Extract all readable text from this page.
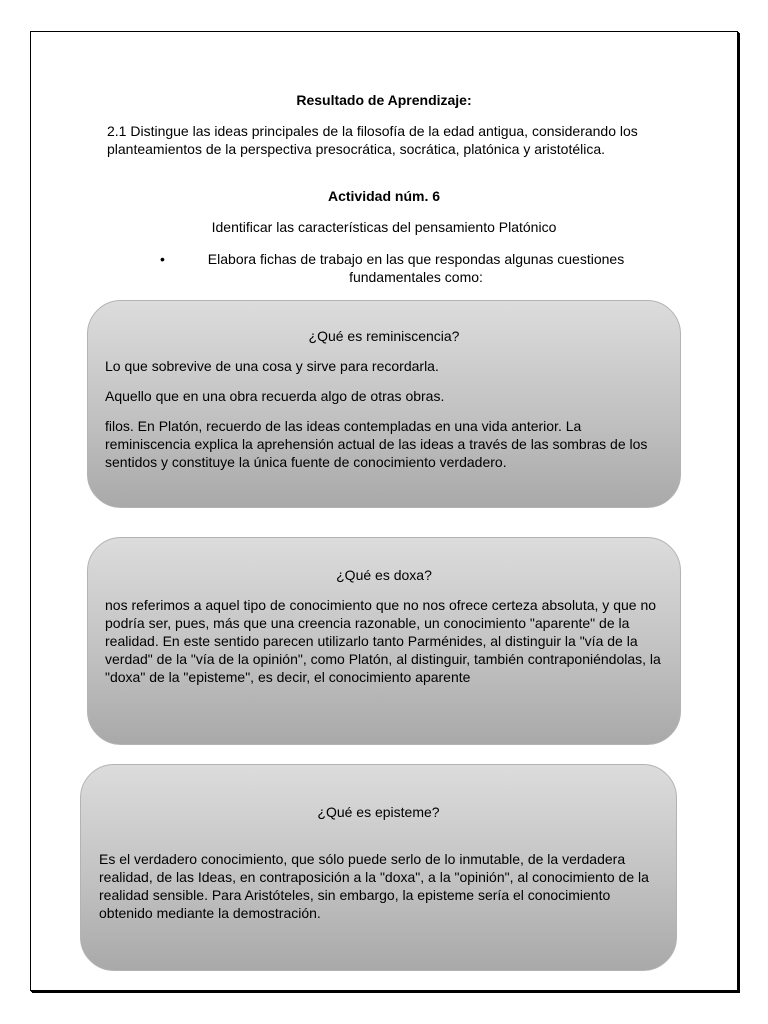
Resultado de Aprendizaje:
2.1 Distingue las ideas principales de la filosofía de la edad antigua, considerando los planteamientos de la perspectiva presocrática, socrática, platónica y aristotélica.
Actividad núm. 6
Identificar las características del pensamiento Platónico
•	Elabora fichas de trabajo en las que respondas algunas cuestiones fundamentales como:
¿Qué es reminiscencia?

Lo que sobrevive de una cosa y sirve para recordarla.

Aquello que en una obra recuerda algo de otras obras.

filos. En Platón, recuerdo de las ideas contempladas en una vida anterior. La reminiscencia explica la aprehensión actual de las ideas a través de las sombras de los sentidos y constituye la única fuente de conocimiento verdadero.

¿Qué es doxa?

nos referimos a aquel tipo de conocimiento que no nos ofrece certeza absoluta, y que no podría ser, pues, más que una creencia razonable, un conocimiento "aparente" de la realidad. En este sentido parecen utilizarlo tanto Parménides, al distinguir la "vía de la verdad" de la "vía de la opinión", como Platón, al distinguir, también contraponiéndolas, la "doxa" de la "episteme", es decir, el conocimiento aparente

¿Qué es episteme?

Es el verdadero conocimiento, que sólo puede serlo de lo inmutable, de la verdadera realidad, de las Ideas, en contraposición a la "doxa", a la "opinión", al conocimiento de la realidad sensible. Para Aristóteles, sin embargo, la episteme sería el conocimiento obtenido mediante la demostración.
